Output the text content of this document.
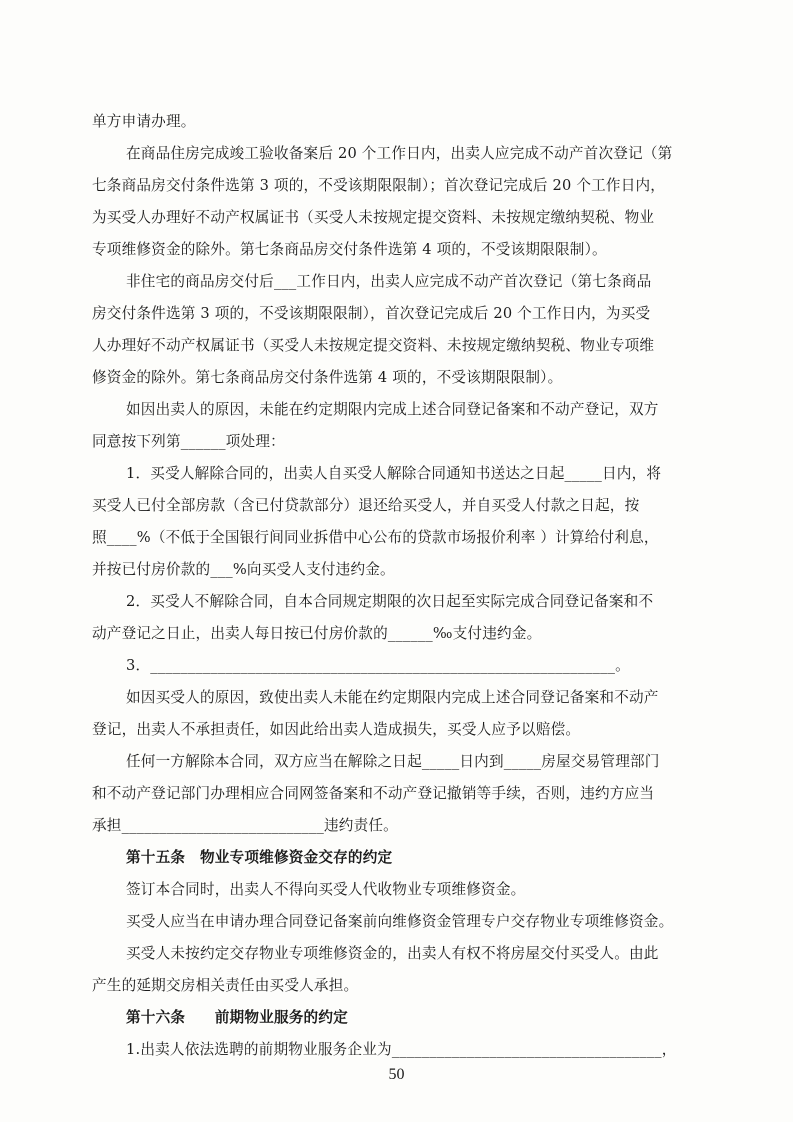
单方申请办理。
在商品住房完成竣工验收备案后 20 个工作日内，出卖人应完成不动产首次登记（第
七条商品房交付条件选第 3 项的，不受该期限限制）；首次登记完成后 20 个工作日内，
为买受人办理好不动产权属证书（买受人未按规定提交资料、未按规定缴纳契税、物业
专项维修资金的除外。第七条商品房交付条件选第 4 项的，不受该期限限制）。
非住宅的商品房交付后___工作日内，出卖人应完成不动产首次登记（第七条商品
房交付条件选第 3 项的，不受该期限限制），首次登记完成后 20 个工作日内，为买受
人办理好不动产权属证书（买受人未按规定提交资料、未按规定缴纳契税、物业专项维
修资金的除外。第七条商品房交付条件选第 4 项的，不受该期限限制）。
如因出卖人的原因，未能在约定期限内完成上述合同登记备案和不动产登记，双方
同意按下列第______项处理：
1．买受人解除合同的，出卖人自买受人解除合同通知书送达之日起_____日内，将
买受人已付全部房款（含已付贷款部分）退还给买受人，并自买受人付款之日起，按
照____%（不低于全国银行间同业拆借中心公布的贷款市场报价利率 ）计算给付利息，
并按已付房价款的___%向买受人支付违约金。
2．买受人不解除合同，自本合同规定期限的次日起至实际完成合同登记备案和不
动产登记之日止，出卖人每日按已付房价款的______‰支付违约金。
3．______________________________________________________________。
如因买受人的原因，致使出卖人未能在约定期限内完成上述合同登记备案和不动产
登记，出卖人不承担责任，如因此给出卖人造成损失，买受人应予以赔偿。
任何一方解除本合同，双方应当在解除之日起_____日内到_____房屋交易管理部门
和不动产登记部门办理相应合同网签备案和不动产登记撤销等手续，否则，违约方应当
承担___________________________违约责任。
第十五条　物业专项维修资金交存的约定
签订本合同时，出卖人不得向买受人代收物业专项维修资金。
买受人应当在申请办理合同登记备案前向维修资金管理专户交存物业专项维修资金。
买受人未按约定交存物业专项维修资金的，出卖人有权不将房屋交付买受人。由此
产生的延期交房相关责任由买受人承担。
第十六条　　前期物业服务的约定
1.出卖人依法选聘的前期物业服务企业为____________________________________，
50
